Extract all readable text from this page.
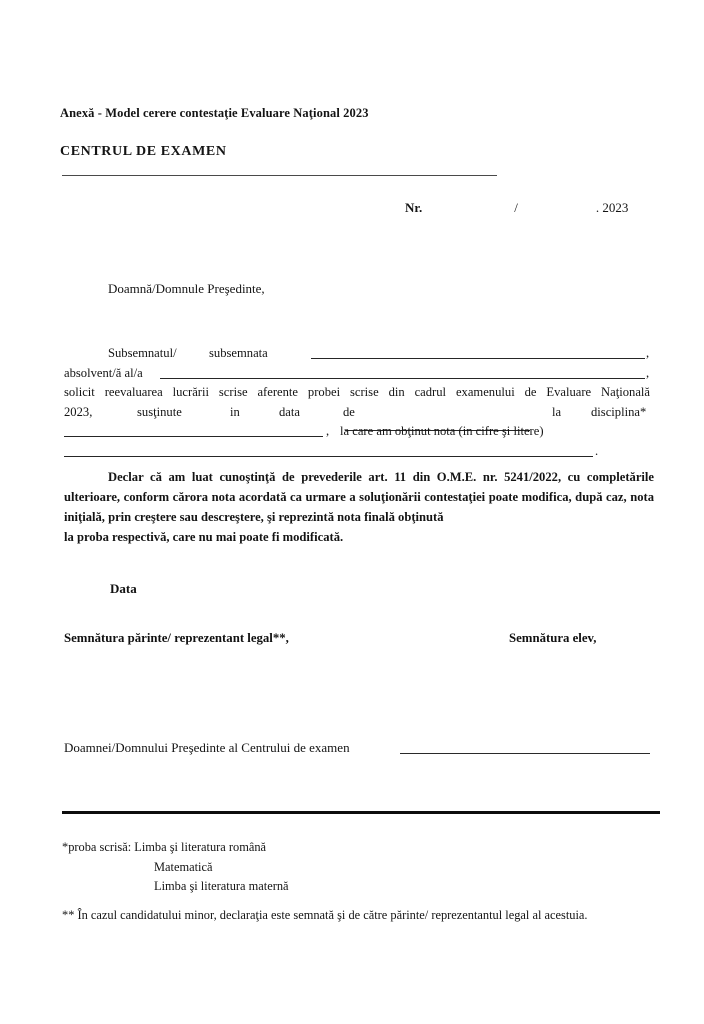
Anexă - Model cerere contestaţie Evaluare Naţional 2023
CENTRUL DE EXAMEN
Nr.	/	. 2023
Doamnă/Domnule Preşedinte,
Subsemnatul/	subsemnata	,
absolvent/ă al/a	,
solicit reevaluarea lucrării scrise aferente probei scrise din cadrul examenului de Evaluare Naţională
2023,	susţinute	in	data	de	la disciplina*
, la care am obţinut nota (in cifre şi litere)
.

Declar că am luat cunoştinţă de prevederile art. 11 din O.M.E. nr. 5241/2022, cu completările ulterioare, conform cărora nota acordată ca urmare a soluţionării contestaţiei poate modifica, după caz, nota iniţială, prin creştere sau descreştere, şi reprezintă nota finală obţinută

la proba respectivă, care nu mai poate fi modificată.

Data
Semnătura părinte/ reprezentant legal**,	Semnătura elev,
Doamnei/Domnului Preşedinte al Centrului de examen
*proba scrisă: Limba şi literatura română
Matematică
Limba şi literatura maternă
** În cazul candidatului minor, declaraţia este semnată şi de către părinte/ reprezentantul legal al acestuia.
